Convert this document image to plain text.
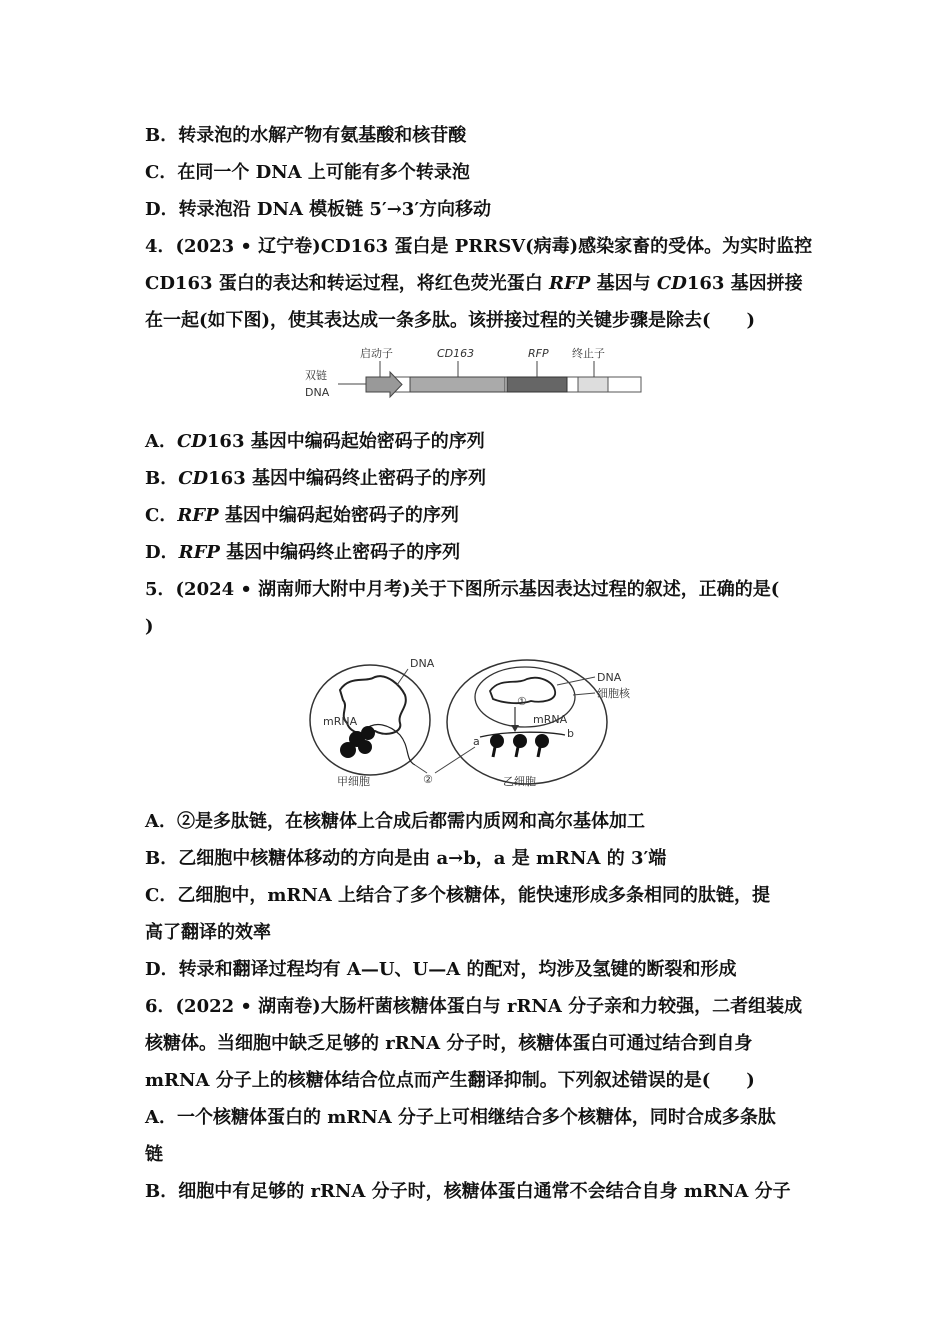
B．转录泡的水解产物有氨基酸和核苷酸
C．在同一个 DNA 上可能有多个转录泡
D．转录泡沿 DNA 模板链 5′→3′方向移动
4．(2023 • 辽宁卷)CD163 蛋白是 PRRSV(病毒)感染家畜的受体。为实时监控
CD163 蛋白的表达和转运过程，将红色荧光蛋白 RFP 基因与 CD163 基因拼接
在一起(如下图)，使其表达成一条多肽。该拼接过程的关键步骤是除去(　　)
双链
DNA
启动子	CD163	RFP 终止子
A．CD163 基因中编码起始密码子的序列
B．CD163 基因中编码终止密码子的序列
C．RFP 基因中编码起始密码子的序列
D．RFP 基因中编码终止密码子的序列
5．(2024 • 湖南师大附中月考)关于下图所示基因表达过程的叙述，正确的是(
)
DNA
mRNA
甲细胞	②
DNA
细胞核
①
mRNA
a
b
乙细胞
A．②是多肽链，在核糖体上合成后都需内质网和高尔基体加工
B．乙细胞中核糖体移动的方向是由 a→b，a 是 mRNA 的 3′端
C．乙细胞中，mRNA 上结合了多个核糖体，能快速形成多条相同的肽链，提
高了翻译的效率
D．转录和翻译过程均有 A—U、U—A 的配对，均涉及氢键的断裂和形成
6．(2022 • 湖南卷)大肠杆菌核糖体蛋白与 rRNA 分子亲和力较强，二者组装成
核糖体。当细胞中缺乏足够的 rRNA 分子时，核糖体蛋白可通过结合到自身
mRNA 分子上的核糖体结合位点而产生翻译抑制。下列叙述错误的是(　　)
A．一个核糖体蛋白的 mRNA 分子上可相继结合多个核糖体，同时合成多条肽
链
B．细胞中有足够的 rRNA 分子时，核糖体蛋白通常不会结合自身 mRNA 分子
